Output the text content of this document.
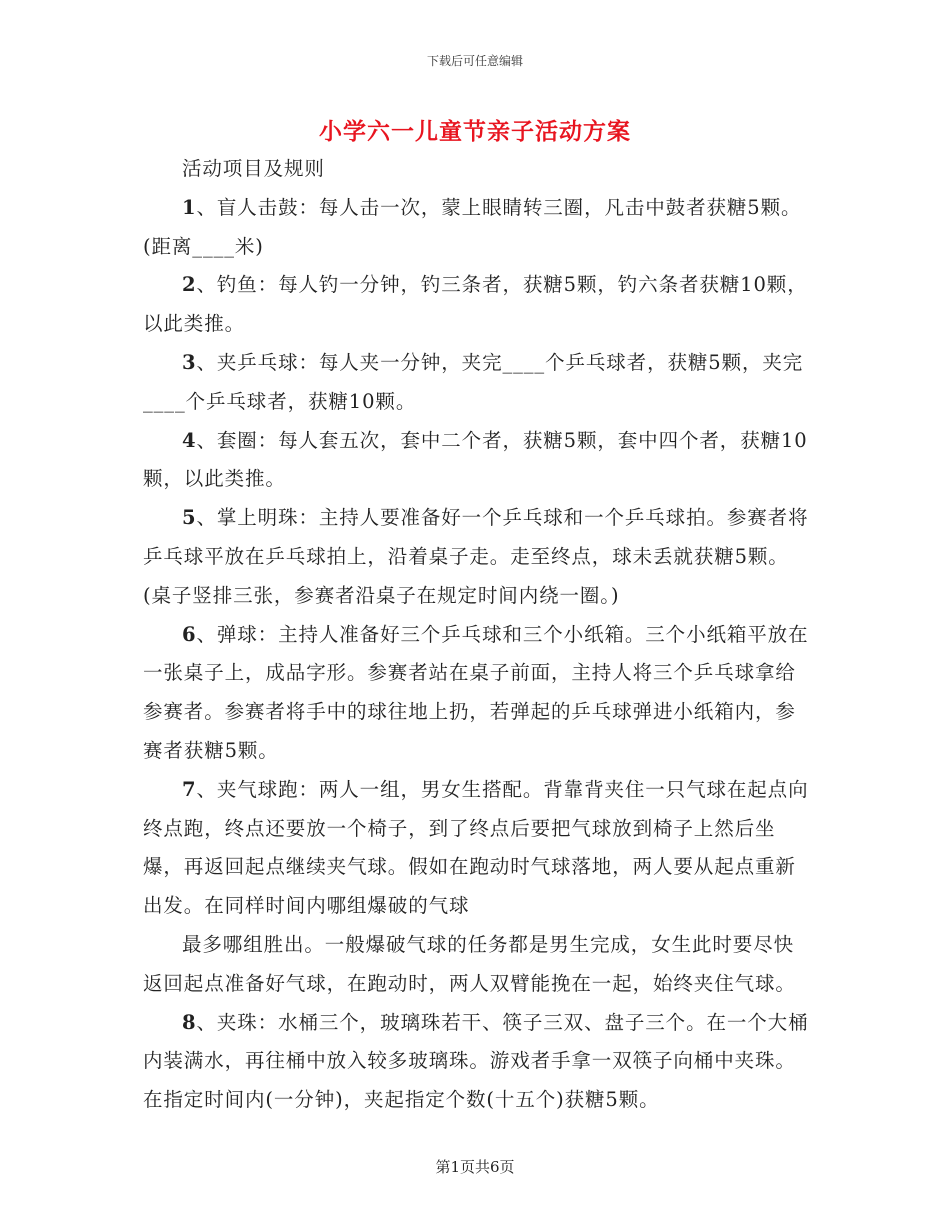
下载后可任意编辑
小学六一儿童节亲子活动方案

活动项目及规则

1、盲人击鼓：每人击一次，蒙上眼睛转三圈，凡击中鼓者获糖5颗。(距离____米)

2、钓鱼：每人钓一分钟，钓三条者，获糖5颗，钓六条者获糖10颗，以此类推。

3、夹乒乓球：每人夹一分钟，夹完____个乒乓球者，获糖5颗，夹完____个乒乓球者，获糖10颗。

4、套圈：每人套五次，套中二个者，获糖5颗，套中四个者，获糖10颗，以此类推。

5、掌上明珠：主持人要准备好一个乒乓球和一个乒乓球拍。参赛者将乒乓球平放在乒乓球拍上，沿着桌子走。走至终点，球未丢就获糖5颗。(桌子竖排三张，参赛者沿桌子在规定时间内绕一圈。)

6、弹球：主持人准备好三个乒乓球和三个小纸箱。三个小纸箱平放在一张桌子上，成品字形。参赛者站在桌子前面，主持人将三个乒乓球拿给参赛者。参赛者将手中的球往地上扔，若弹起的乒乓球弹进小纸箱内，参赛者获糖5颗。

7、夹气球跑：两人一组，男女生搭配。背靠背夹住一只气球在起点向终点跑，终点还要放一个椅子，到了终点后要把气球放到椅子上然后坐爆，再返回起点继续夹气球。假如在跑动时气球落地，两人要从起点重新出发。在同样时间内哪组爆破的气球

最多哪组胜出。一般爆破气球的任务都是男生完成，女生此时要尽快返回起点准备好气球，在跑动时，两人双臂能挽在一起，始终夹住气球。

8、夹珠：水桶三个，玻璃珠若干、筷子三双、盘子三个。在一个大桶内装满水，再往桶中放入较多玻璃珠。游戏者手拿一双筷子向桶中夹珠。在指定时间内(一分钟)，夹起指定个数(十五个)获糖5颗。

第1页共6页
